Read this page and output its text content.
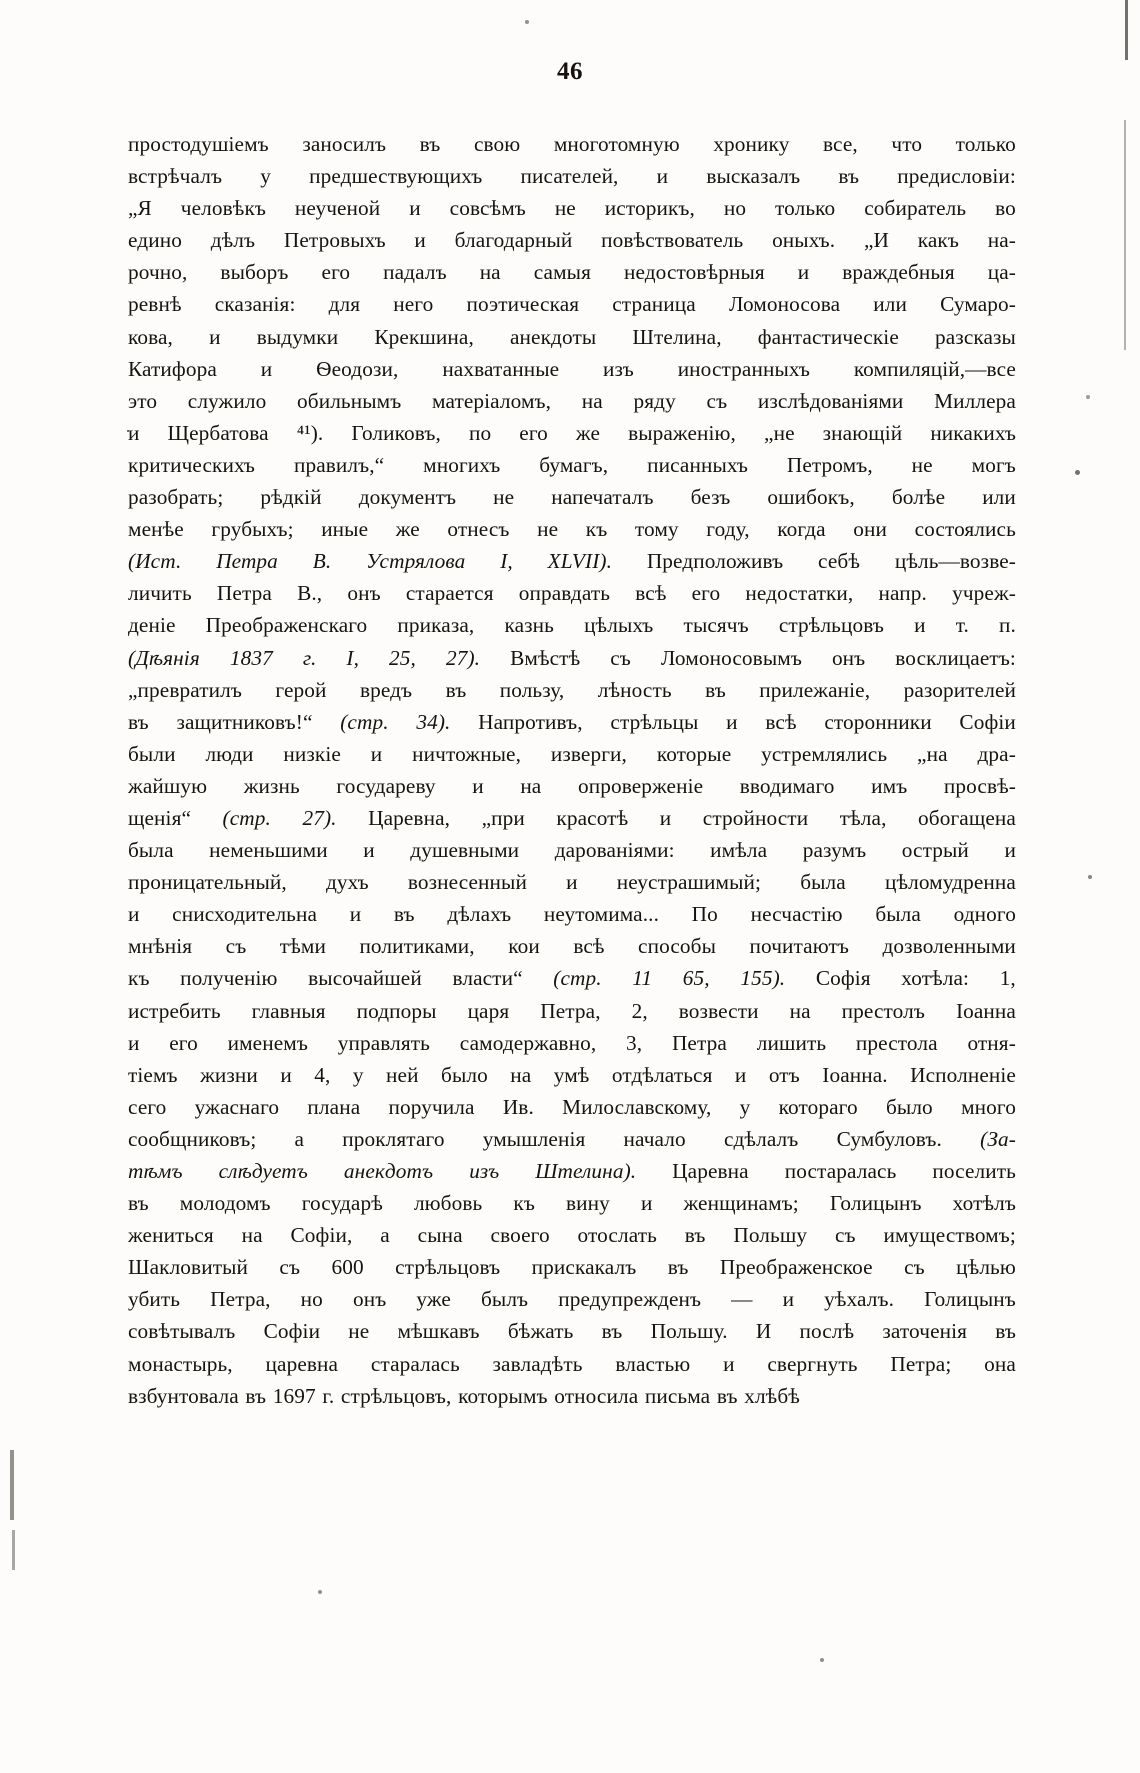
46
простодушіемъ заносилъ въ свою многотомную хронику все, что только
встрѣчалъ у предшествующихъ писателей, и высказалъ въ предисловіи:
„Я человѣкъ неученой и совсѣмъ не историкъ, но только собиратель во
едино дѣлъ Петровыхъ и благодарный повѣствователь оныхъ. „И какъ на-
рочно, выборъ его падалъ на самыя недостовѣрныя и враждебныя ца-
ревнѣ сказанія: для него поэтическая страница Ломоносова или Сумаро-
кова, и выдумки Крекшина, анекдоты Штелина, фантастическіе разсказы
Катифора и Ѳеодози, нахватанные изъ иностранныхъ компиляцій,—все
это служило обильнымъ матеріаломъ, на ряду съ изслѣдованіями Миллера
и Щербатова ⁴¹). Голиковъ, по его же выраженію, „не знающій никакихъ
критическихъ правилъ,“ многихъ бумагъ, писанныхъ Петромъ, не могъ
разобрать; рѣдкій документъ не напечаталъ безъ ошибокъ, болѣе или
менѣе грубыхъ; иные же отнесъ не къ тому году, когда они состоялись
(Ист. Петра В. Устрялова I, XLVII). Предположивъ себѣ цѣль—возве-
личить Петра В., онъ старается оправдать всѣ его недостатки, напр. учреж-
деніе Преображенскаго приказа, казнь цѣлыхъ тысячъ стрѣльцовъ и т. п.
(Дѣянія 1837 г. I, 25, 27). Вмѣстѣ съ Ломоносовымъ онъ восклицаетъ:
„превратилъ герой вредъ въ пользу, лѣность въ прилежаніе, разорителей
въ защитниковъ!“ (стр. 34). Напротивъ, стрѣльцы и всѣ сторонники Софіи
были люди низкіе и ничтожные, изверги, которые устремлялись „на дра-
жайшую жизнь государеву и на опроверженіе вводимаго имъ просвѣ-
щенія“ (стр. 27). Царевна, „при красотѣ и стройности тѣла, обогащена
была неменьшими и душевными дарованіями: имѣла разумъ острый и
проницательный, духъ вознесенный и неустрашимый; была цѣломудренна
и снисходительна и въ дѣлахъ неутомима... По несчастію была одного
мнѣнія съ тѣми политиками, кои всѣ способы почитаютъ дозволенными
къ полученію высочайшей власти“ (стр. 11 65, 155). Софія хотѣла: 1,
истребить главныя подпоры царя Петра, 2, возвести на престолъ Іоанна
и его именемъ управлять самодержавно, 3, Петра лишить престола отня-
тіемъ жизни и 4, у ней было на умѣ отдѣлаться и отъ Іоанна. Исполненіе
сего ужаснаго плана поручила Ив. Милославскому, у котораго было много
сообщниковъ; а проклятаго умышленія начало сдѣлалъ Сумбуловъ. (За-
тѣмъ слѣдуетъ анекдотъ изъ Штелина). Царевна постаралась поселить
въ молодомъ государѣ любовь къ вину и женщинамъ; Голицынъ хотѣлъ
жениться на Софіи, а сына своего отослать въ Польшу съ имуществомъ;
Шакловитый съ 600 стрѣльцовъ прискакалъ въ Преображенское съ цѣлью
убить Петра, но онъ уже былъ предупрежденъ — и уѣхалъ. Голицынъ
совѣтывалъ Софіи не мѣшкавъ бѣжать въ Польшу. И послѣ заточенія въ
монастырь, царевна старалась завладѣть властью и свергнуть Петра; она
взбунтовала въ 1697 г. стрѣльцовъ, которымъ относила письма въ хлѣбѣ
